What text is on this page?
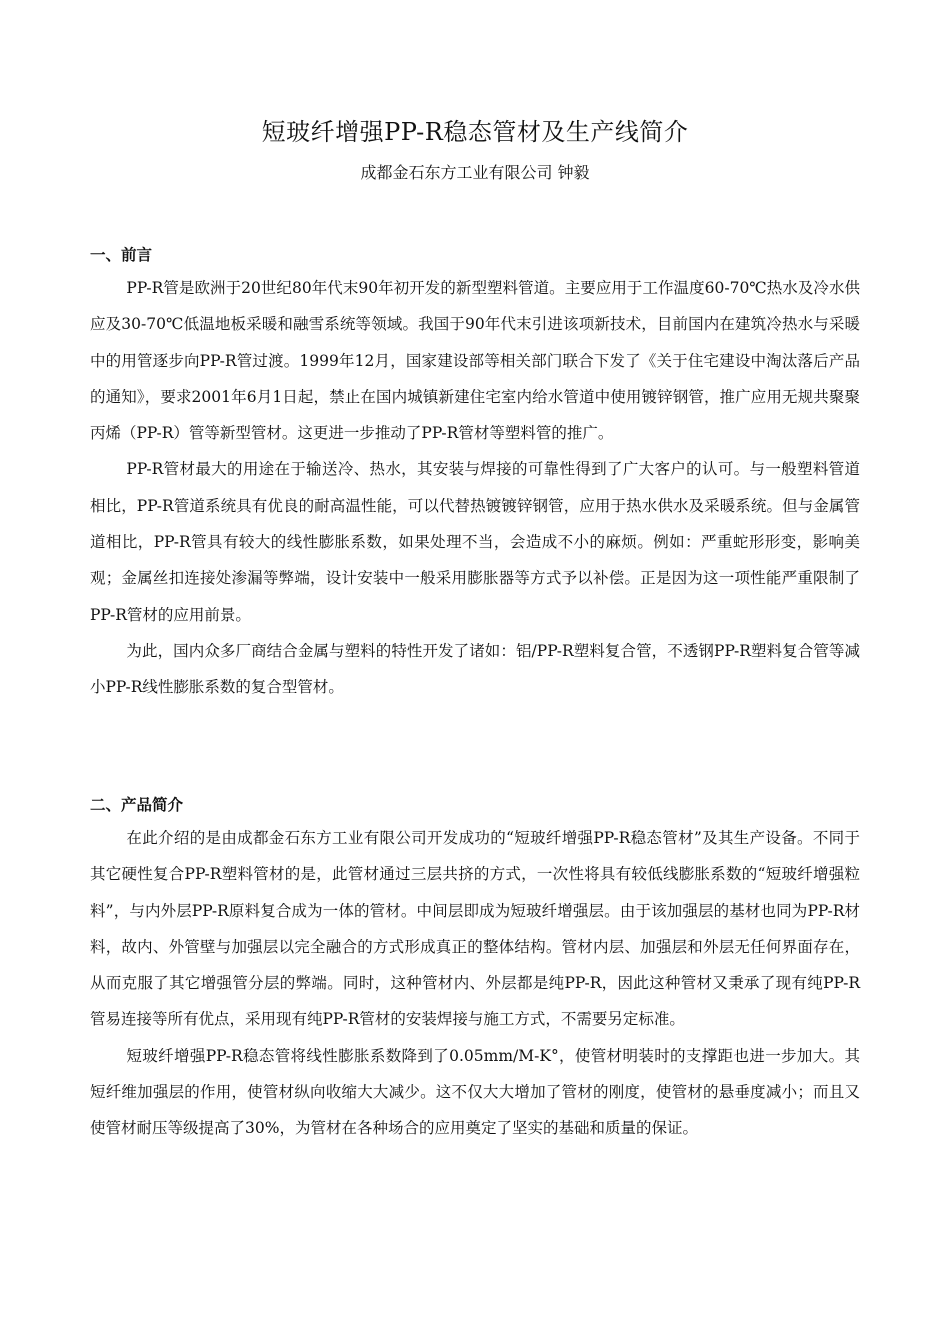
短玻纤增强PP-R稳态管材及生产线简介

成都金石东方工业有限公司 钟毅

一、前言

PP-R管是欧洲于20世纪80年代末90年初开发的新型塑料管道。主要应用于工作温度60-70℃热水及冷水供应及30-70℃低温地板采暖和融雪系统等领域。我国于90年代末引进该项新技术，目前国内在建筑冷热水与采暖中的用管逐步向PP-R管过渡。1999年12月，国家建设部等相关部门联合下发了《关于住宅建设中淘汰落后产品的通知》，要求2001年6月1日起，禁止在国内城镇新建住宅室内给水管道中使用镀锌钢管，推广应用无规共聚聚丙烯（PP-R）管等新型管材。这更进一步推动了PP-R管材等塑料管的推广。

PP-R管材最大的用途在于输送冷、热水，其安装与焊接的可靠性得到了广大客户的认可。与一般塑料管道相比，PP-R管道系统具有优良的耐高温性能，可以代替热镀镀锌钢管，应用于热水供水及采暖系统。但与金属管道相比，PP-R管具有较大的线性膨胀系数，如果处理不当，会造成不小的麻烦。例如：严重蛇形形变，影响美观；金属丝扣连接处渗漏等弊端，设计安装中一般采用膨胀器等方式予以补偿。正是因为这一项性能严重限制了PP-R管材的应用前景。

为此，国内众多厂商结合金属与塑料的特性开发了诸如：铝/PP-R塑料复合管，不透钢PP-R塑料复合管等减小PP-R线性膨胀系数的复合型管材。

二、产品简介

在此介绍的是由成都金石东方工业有限公司开发成功的“短玻纤增强PP-R稳态管材”及其生产设备。不同于其它硬性复合PP-R塑料管材的是，此管材通过三层共挤的方式，一次性将具有较低线膨胀系数的“短玻纤增强粒料”，与内外层PP-R原料复合成为一体的管材。中间层即成为短玻纤增强层。由于该加强层的基材也同为PP-R材料，故内、外管壁与加强层以完全融合的方式形成真正的整体结构。管材内层、加强层和外层无任何界面存在，从而克服了其它增强管分层的弊端。同时，这种管材内、外层都是纯PP-R，因此这种管材又秉承了现有纯PP-R管易连接等所有优点，采用现有纯PP-R管材的安装焊接与施工方式，不需要另定标准。

短玻纤增强PP-R稳态管将线性膨胀系数降到了0.05mm/M-K°，使管材明装时的支撑距也进一步加大。其短纤维加强层的作用，使管材纵向收缩大大减少。这不仅大大增加了管材的刚度，使管材的悬垂度减小；而且又使管材耐压等级提高了30%，为管材在各种场合的应用奠定了坚实的基础和质量的保证。
